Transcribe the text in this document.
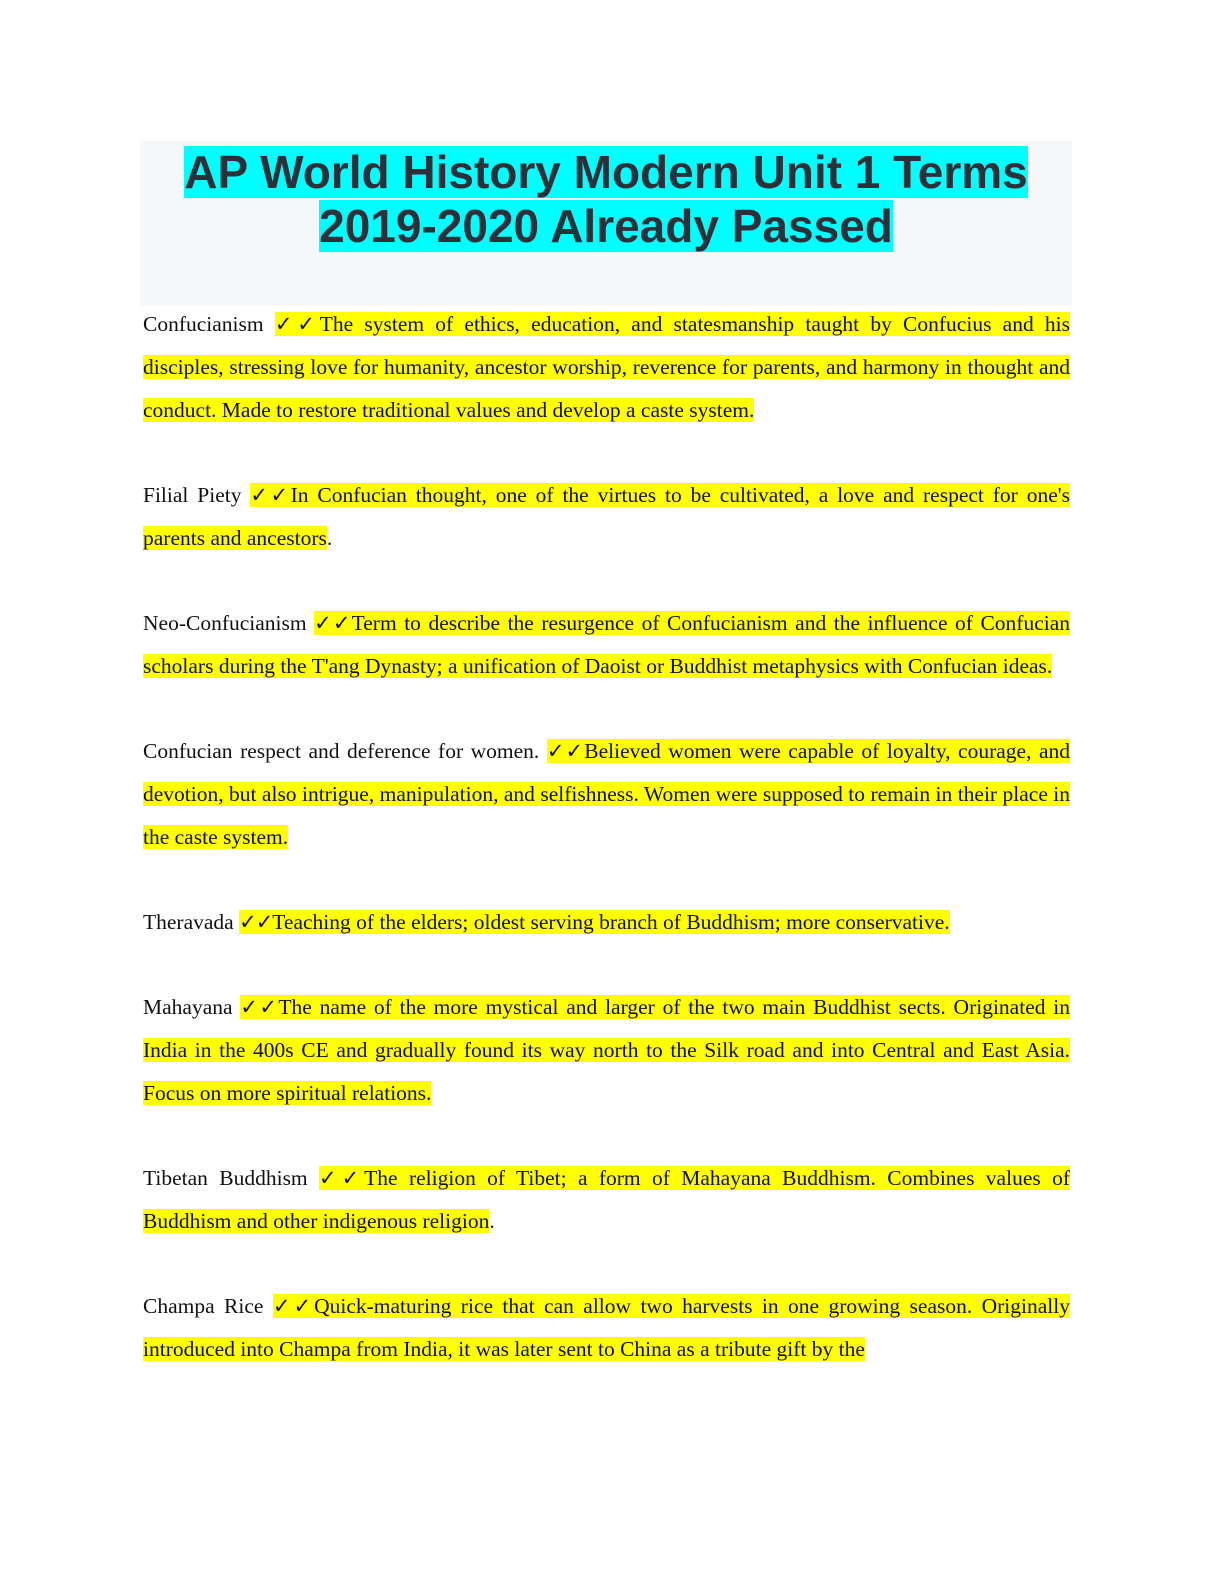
AP World History Modern Unit 1 Terms 2019-2020 Already Passed

Confucianism ✓✓The system of ethics, education, and statesmanship taught by Confucius and his disciples, stressing love for humanity, ancestor worship, reverence for parents, and harmony in thought and conduct. Made to restore traditional values and develop a caste system.

Filial Piety ✓✓In Confucian thought, one of the virtues to be cultivated, a love and respect for one's parents and ancestors.

Neo-Confucianism ✓✓Term to describe the resurgence of Confucianism and the influence of Confucian scholars during the T'ang Dynasty; a unification of Daoist or Buddhist metaphysics with Confucian ideas.

Confucian respect and deference for women. ✓✓Believed women were capable of loyalty, courage, and devotion, but also intrigue, manipulation, and selfishness. Women were supposed to remain in their place in the caste system.

Theravada ✓✓Teaching of the elders; oldest serving branch of Buddhism; more conservative.

Mahayana ✓✓The name of the more mystical and larger of the two main Buddhist sects. Originated in India in the 400s CE and gradually found its way north to the Silk road and into Central and East Asia. Focus on more spiritual relations.

Tibetan Buddhism ✓✓The religion of Tibet; a form of Mahayana Buddhism. Combines values of Buddhism and other indigenous religion.

Champa Rice ✓✓Quick-maturing rice that can allow two harvests in one growing season. Originally introduced into Champa from India, it was later sent to China as a tribute gift by the
